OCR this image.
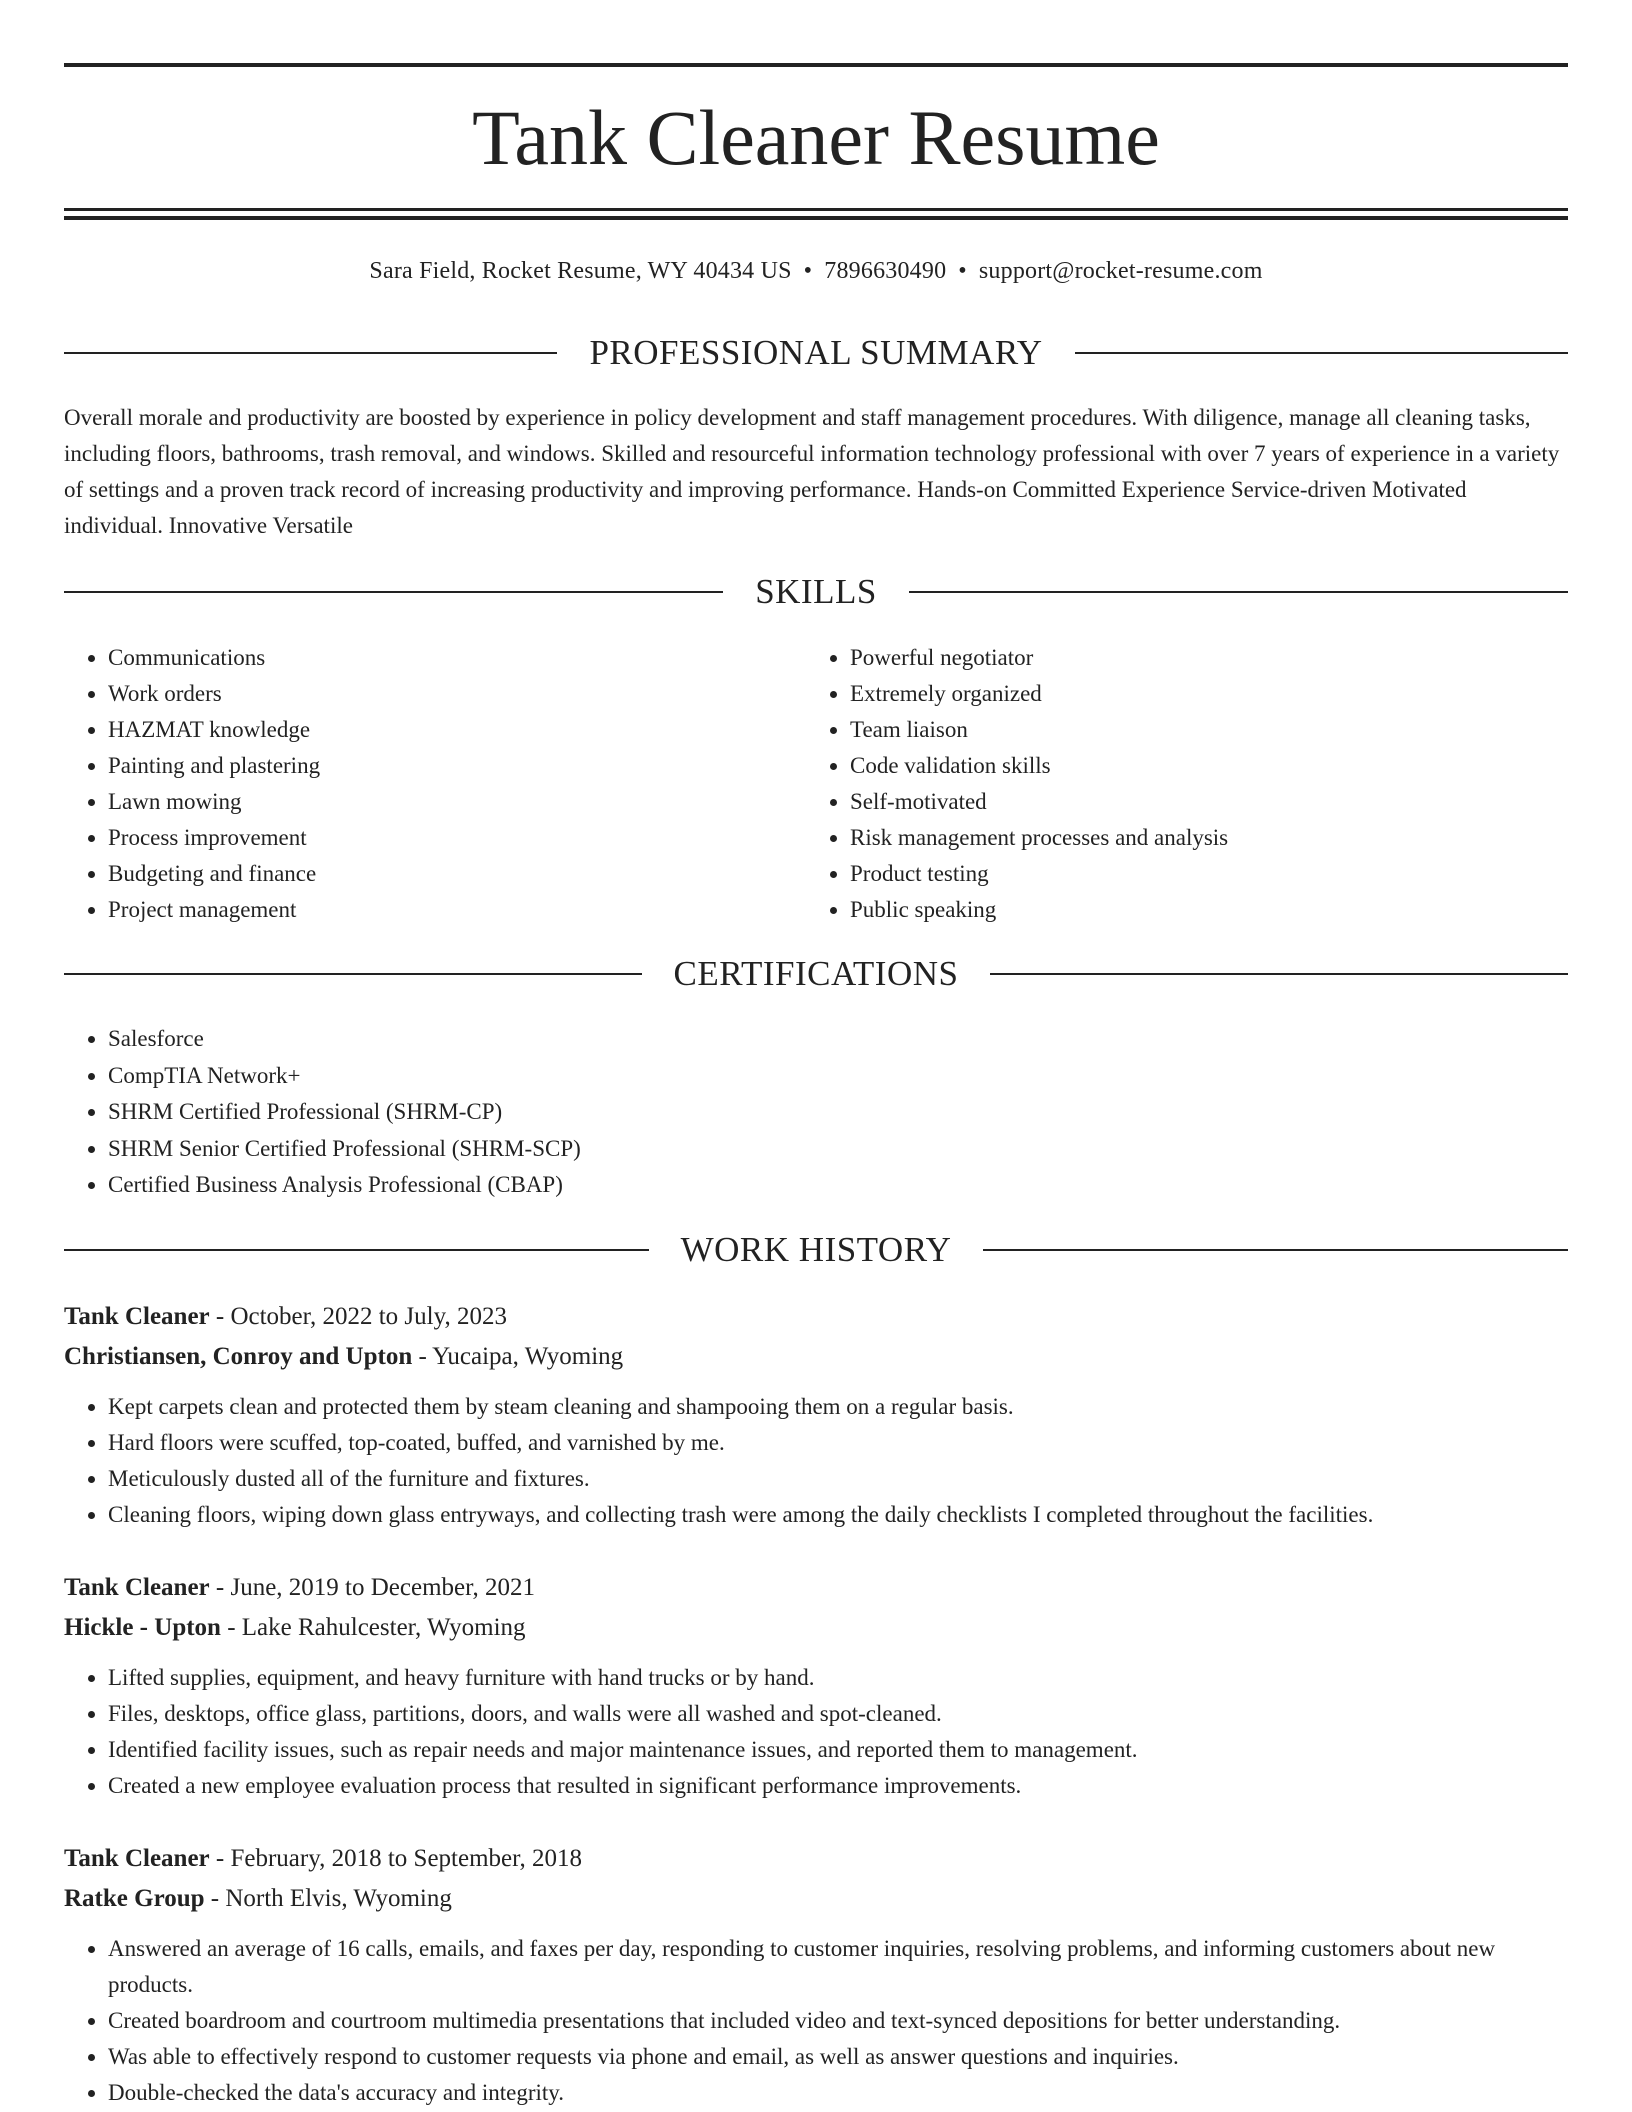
Tank Cleaner Resume
Sara Field, Rocket Resume, WY 40434 US • 7896630490 • support@rocket-resume.com
PROFESSIONAL SUMMARY

Overall morale and productivity are boosted by experience in policy development and staff management procedures. With diligence, manage all cleaning tasks, including floors, bathrooms, trash removal, and windows. Skilled and resourceful information technology professional with over 7 years of experience in a variety of settings and a proven track record of increasing productivity and improving performance. Hands-on Committed Experience Service-driven Motivated individual. Innovative Versatile

SKILLS
• Communications
• Work orders
• HAZMAT knowledge
• Painting and plastering
• Lawn mowing
• Process improvement
• Budgeting and finance
• Project management
• Powerful negotiator
• Extremely organized
• Team liaison
• Code validation skills
• Self-motivated
• Risk management processes and analysis
• Product testing
• Public speaking
CERTIFICATIONS
• Salesforce
• CompTIA Network+
• SHRM Certified Professional (SHRM-CP)
• SHRM Senior Certified Professional (SHRM-SCP)
• Certified Business Analysis Professional (CBAP)
WORK HISTORY
Tank Cleaner - October, 2022 to July, 2023
Christiansen, Conroy and Upton - Yucaipa, Wyoming
• Kept carpets clean and protected them by steam cleaning and shampooing them on a regular basis.
• Hard floors were scuffed, top-coated, buffed, and varnished by me.
• Meticulously dusted all of the furniture and fixtures.
• Cleaning floors, wiping down glass entryways, and collecting trash were among the daily checklists I completed throughout the facilities.
Tank Cleaner - June, 2019 to December, 2021
Hickle - Upton - Lake Rahulcester, Wyoming
• Lifted supplies, equipment, and heavy furniture with hand trucks or by hand.
• Files, desktops, office glass, partitions, doors, and walls were all washed and spot-cleaned.
• Identified facility issues, such as repair needs and major maintenance issues, and reported them to management.
• Created a new employee evaluation process that resulted in significant performance improvements.
Tank Cleaner - February, 2018 to September, 2018
Ratke Group - North Elvis, Wyoming
• Answered an average of 16 calls, emails, and faxes per day, responding to customer inquiries, resolving problems, and informing customers about new products.
• Created boardroom and courtroom multimedia presentations that included video and text-synced depositions for better understanding.
• Was able to effectively respond to customer requests via phone and email, as well as answer questions and inquiries.
• Double-checked the data's accuracy and integrity.
